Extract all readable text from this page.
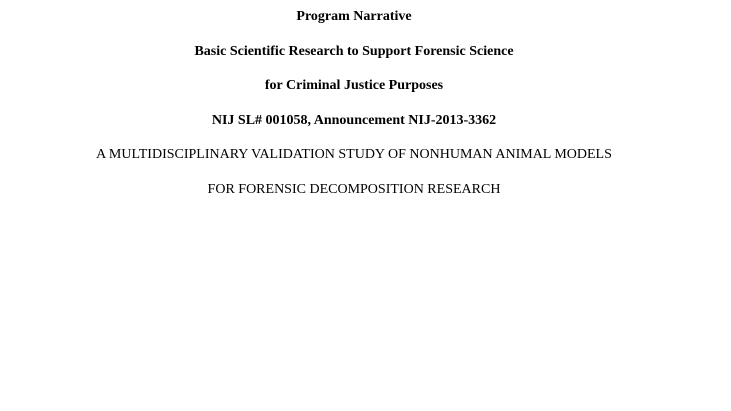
Program Narrative
Basic Scientific Research to Support Forensic Science
for Criminal Justice Purposes
NIJ SL# 001058, Announcement NIJ-2013-3362
A MULTIDISCIPLINARY VALIDATION STUDY OF NONHUMAN ANIMAL MODELS
FOR FORENSIC DECOMPOSITION RESEARCH
